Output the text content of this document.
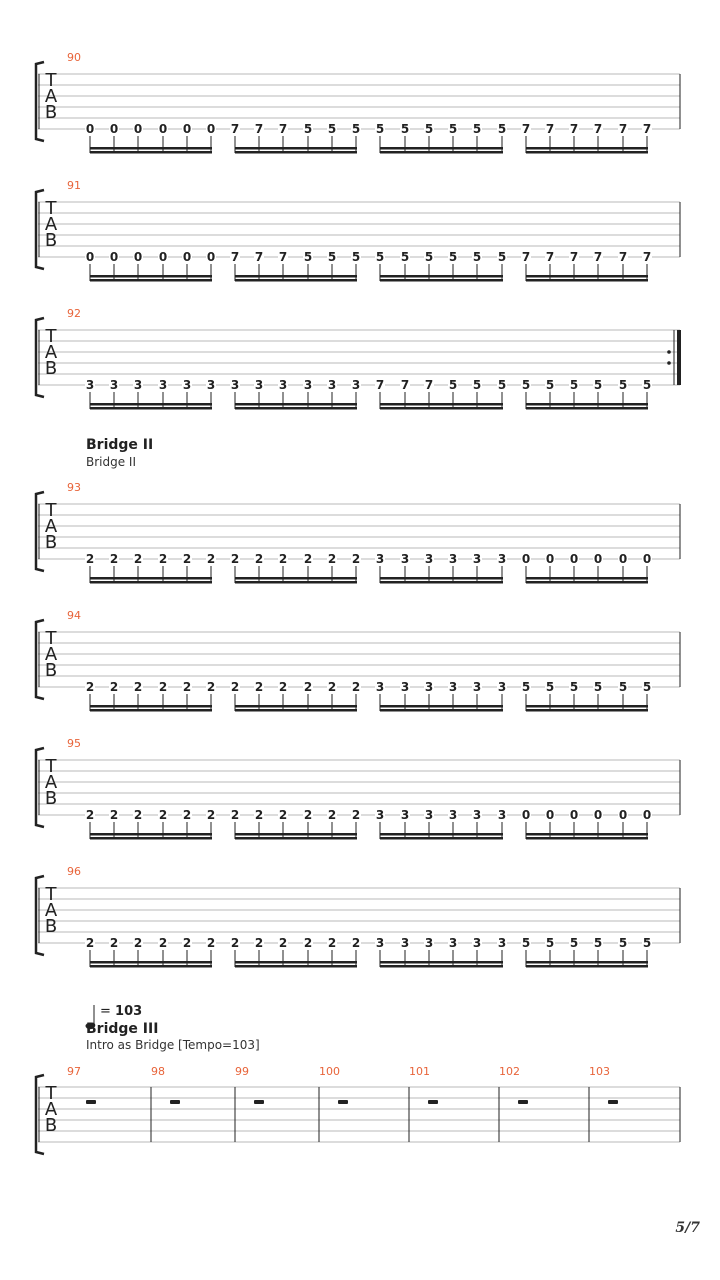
T
A
B
90
0 0 0 0 0 0 7 7 7 5 5 5 5 5 5 5 5 5 7 7 7 7 7 7
T
A
B
91
0 0 0 0 0 0 7 7 7 5 5 5 5 5 5 5 5 5 7 7 7 7 7 7
T
A
B
92
3 3 3 3 3 3 3 3 3 3 3 3 7 7 7 5 5 5 5 5 5 5 5 5
T
A
B
93
2 2 2 2 2 2 2 2 2 2 2 2 3 3 3 3 3 3 0 0 0 0 0 0
T
A
B
94
2 2 2 2 2 2 2 2 2 2 2 2 3 3 3 3 3 3 5 5 5 5 5 5
T
A
B
95
2 2 2 2 2 2 2 2 2 2 2 2 3 3 3 3 3 3 0 0 0 0 0 0
T
A
B
96
2 2 2 2 2 2 2 2 2 2 2 2 3 3 3 3 3 3 5 5 5 5 5 5
T
A
B
97	98	99	100	101	102	103
Bridge II
Bridge II
= 103
Bridge III
Intro as Bridge [Tempo=103]
5/7
